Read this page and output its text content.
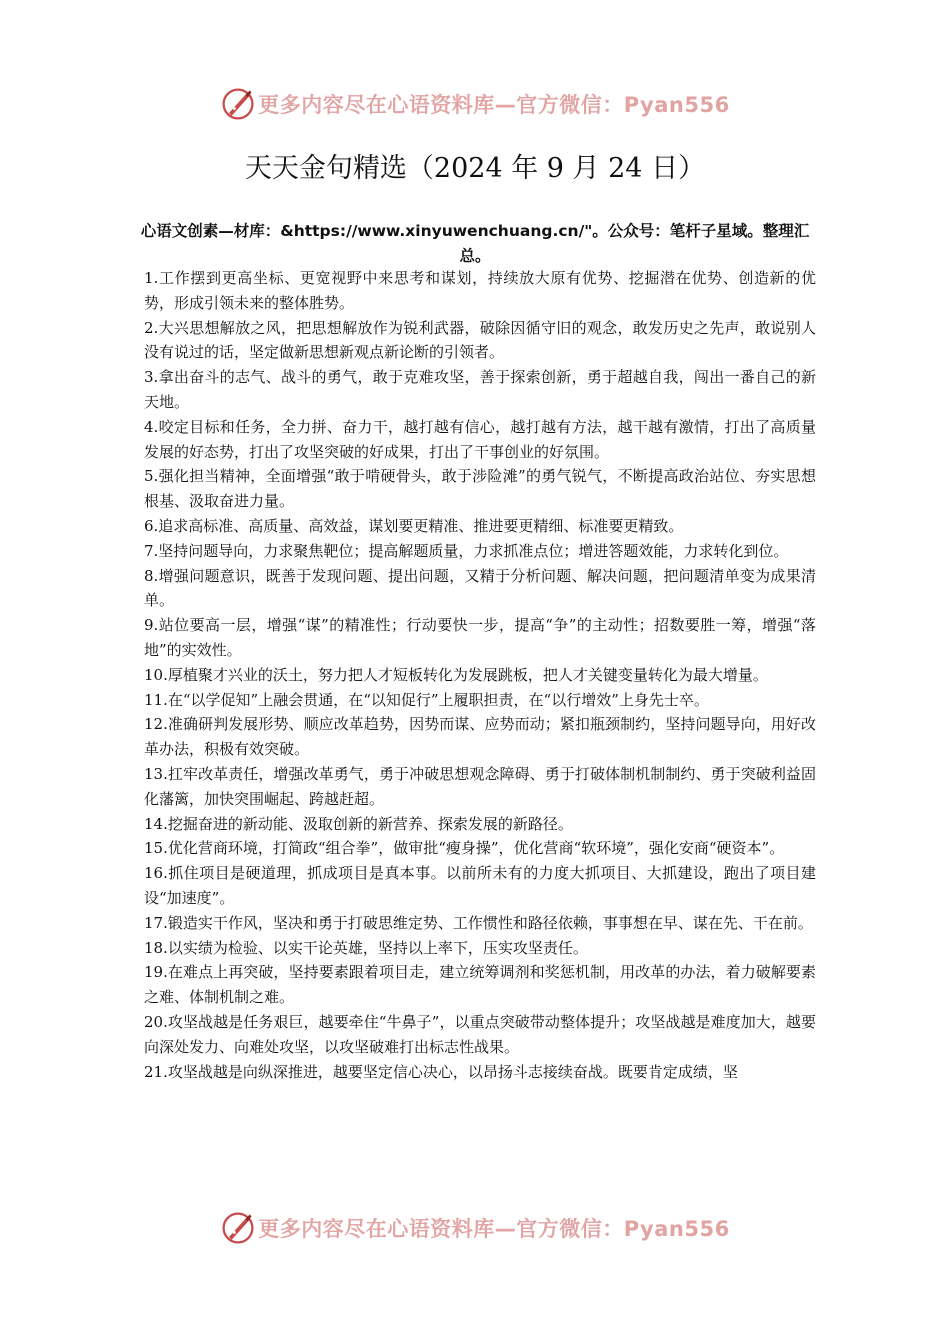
更多内容尽在心语资料库—官方微信：Pyan556
天天金句精选（2024 年 9 月 24 日）

心语文创素—材库：&https://www.xinyuwenchuang.cn/"。公众号：笔杆子星域。整理汇总。

1.工作摆到更高坐标、更宽视野中来思考和谋划，持续放大原有优势、挖掘潜在优势、创造新的优势，形成引领未来的整体胜势。
2.大兴思想解放之风，把思想解放作为锐利武器，破除因循守旧的观念，敢发历史之先声，敢说别人没有说过的话，坚定做新思想新观点新论断的引领者。
3.拿出奋斗的志气、战斗的勇气，敢于克难攻坚，善于探索创新，勇于超越自我，闯出一番自己的新天地。
4.咬定目标和任务，全力拼、奋力干，越打越有信心，越打越有方法，越干越有激情，打出了高质量发展的好态势，打出了攻坚突破的好成果，打出了干事创业的好氛围。
5.强化担当精神，全面增强“敢于啃硬骨头，敢于涉险滩”的勇气锐气，不断提高政治站位、夯实思想根基、汲取奋进力量。
6.追求高标准、高质量、高效益，谋划要更精准、推进要更精细、标准要更精致。
7.坚持问题导向，力求聚焦靶位；提高解题质量，力求抓准点位；增进答题效能，力求转化到位。
8.增强问题意识，既善于发现问题、提出问题，又精于分析问题、解决问题，把问题清单变为成果清单。
9.站位要高一层，增强“谋”的精准性；行动要快一步，提高“争”的主动性；招数要胜一筹，增强“落地”的实效性。
10.厚植聚才兴业的沃土，努力把人才短板转化为发展跳板，把人才关键变量转化为最大增量。
11.在“以学促知”上融会贯通，在“以知促行”上履职担责，在“以行增效”上身先士卒。
12.准确研判发展形势、顺应改革趋势，因势而谋、应势而动；紧扣瓶颈制约，坚持问题导向，用好改革办法，积极有效突破。
13.扛牢改革责任，增强改革勇气，勇于冲破思想观念障碍、勇于打破体制机制制约、勇于突破利益固化藩篱，加快突围崛起、跨越赶超。
14.挖掘奋进的新动能、汲取创新的新营养、探索发展的新路径。
15.优化营商环境，打简政“组合拳”，做审批“瘦身操”，优化营商“软环境”，强化安商“硬资本”。
16.抓住项目是硬道理，抓成项目是真本事。以前所未有的力度大抓项目、大抓建设，跑出了项目建设“加速度”。
17.锻造实干作风，坚决和勇于打破思维定势、工作惯性和路径依赖，事事想在早、谋在先、干在前。
18.以实绩为检验、以实干论英雄，坚持以上率下，压实攻坚责任。
19.在难点上再突破，坚持要素跟着项目走，建立统筹调剂和奖惩机制，用改革的办法，着力破解要素之难、体制机制之难。
20.攻坚战越是任务艰巨，越要牵住“牛鼻子”，以重点突破带动整体提升；攻坚战越是难度加大，越要向深处发力、向难处攻坚，以攻坚破难打出标志性战果。
21.攻坚战越是向纵深推进，越要坚定信心决心，以昂扬斗志接续奋战。既要肯定成绩，坚
更多内容尽在心语资料库—官方微信：Pyan556
